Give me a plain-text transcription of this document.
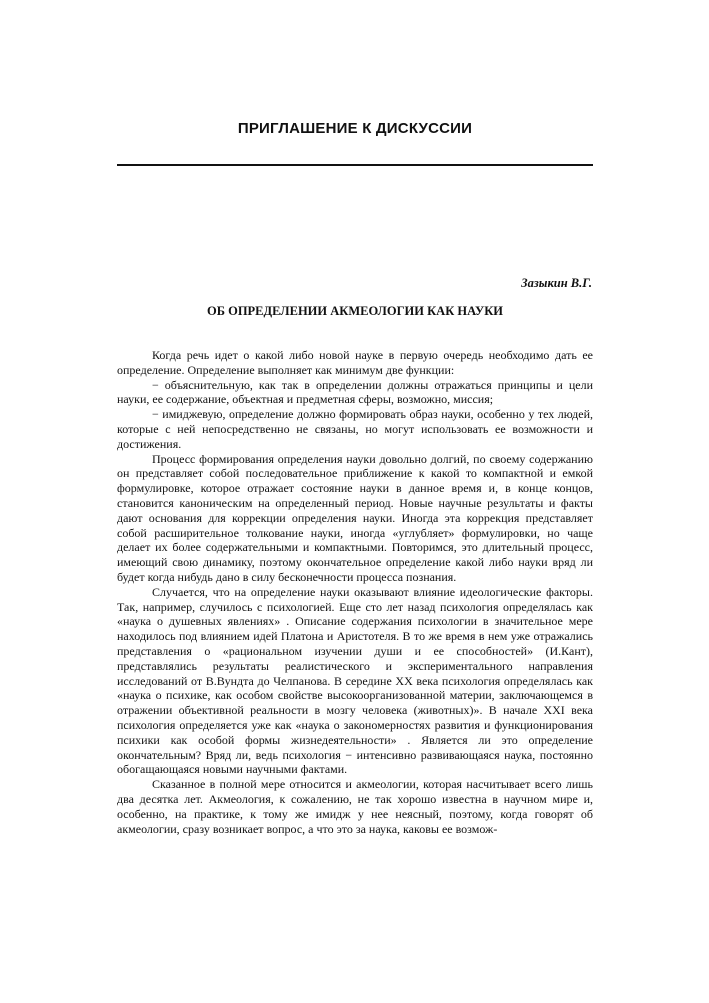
ПРИГЛАШЕНИЕ К ДИСКУССИИ

Зазыкин В.Г.

ОБ ОПРЕДЕЛЕНИИ АКМЕОЛОГИИ КАК НАУКИ

Когда речь идет о какой либо новой науке в первую очередь необходимо дать ее определение. Определение выполняет как минимум две функции:

− объяснительную, как так в определении должны отражаться принципы и цели науки, ее содержание, объектная и предметная сферы, возможно, миссия;

− имиджевую, определение должно формировать образ науки, особенно у тех людей, которые с ней непосредственно не связаны, но могут использовать ее возможности и достижения.

Процесс формирования определения науки довольно долгий, по своему содержанию он представляет собой последовательное приближение к какой то компактной и емкой формулировке, которое отражает состояние науки в данное время и, в конце концов, становится каноническим на определенный период. Новые научные результаты и факты дают основания для коррекции определения науки. Иногда эта коррекция представляет собой расширительное толкование науки, иногда «углубляет» формулировки, но чаще делает их более содержательными и компактными. Повторимся, это длительный процесс, имеющий свою динамику, поэтому окончательное определение какой либо науки вряд ли будет когда нибудь дано в силу бесконечности процесса познания.

Случается, что на определение науки оказывают влияние идеологические факторы. Так, например, случилось с психологией. Еще сто лет назад психология определялась как «наука о душевных явлениях» . Описание содержания психологии в значительное мере находилось под влиянием идей Платона и Аристотеля. В то же время в нем уже отражались представления о «рациональном изучении души и ее способностей» (И.Кант), представлялись результаты реалистического и экспериментального направления исследований от В.Вундта до Челпанова. В середине XX века психология определялась как «наука о психике, как особом свойстве высокоорганизованной материи, заключающемся в отражении объективной реальности в мозгу человека (животных)». В начале XXI века психология определяется уже как «наука о закономерностях развития и функционирования психики как особой формы жизнедеятельности» . Является ли это определение окончательным? Вряд ли, ведь психология − интенсивно развивающаяся наука, постоянно обогащающаяся новыми научными фактами.

Сказанное в полной мере относится и акмеологии, которая насчитывает всего лишь два десятка лет. Акмеология, к сожалению, не так хорошо известна в научном мире и, особенно, на практике, к тому же имидж у нее неясный, поэтому, когда говорят об акмеологии, сразу возникает вопрос, а что это за наука, каковы ее возмож-
